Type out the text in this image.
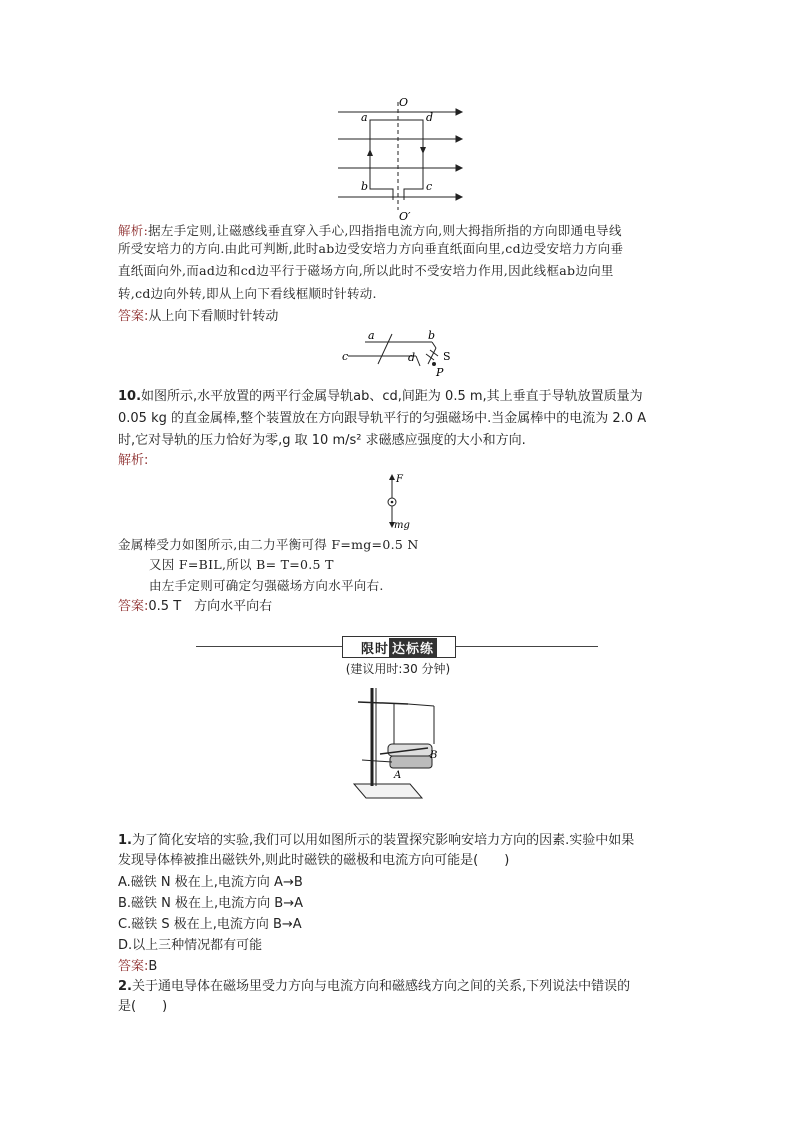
O
O′
a	d
b	c
解析:据左手定则,让磁感线垂直穿入手心,四指指电流方向,则大拇指所指的方向即通电导线
所受安培力的方向.由此可判断,此时ab边受安培力方向垂直纸面向里,cd边受安培力方向垂
直纸面向外,而ad边和cd边平行于磁场方向,所以此时不受安培力作用,因此线框ab边向里
转,cd边向外转,即从上向下看线框顺时针转动.
答案:从上向下看顺时针转动
a	b
c	d	S
P
10.如图所示,水平放置的两平行金属导轨ab、cd,间距为 0.5 m,其上垂直于导轨放置质量为
0.05 kg 的直金属棒,整个装置放在方向跟导轨平行的匀强磁场中.当金属棒中的电流为 2.0 A
时,它对导轨的压力恰好为零,g 取 10 m/s² 求磁感应强度的大小和方向.
解析:
F
mg
金属棒受力如图所示,由二力平衡可得 F=mg=0.5 N
又因 F=BIL,所以 B= T=0.5 T
由左手定则可确定匀强磁场方向水平向右.
答案:0.5 T　方向水平向右
限时 达标练
(建议用时:30 分钟)
B
A
1.为了简化安培的实验,我们可以用如图所示的装置探究影响安培力方向的因素.实验中如果
发现导体棒被推出磁铁外,则此时磁铁的磁极和电流方向可能是(　　)
A.磁铁 N 极在上,电流方向 A→B
B.磁铁 N 极在上,电流方向 B→A
C.磁铁 S 极在上,电流方向 B→A
D.以上三种情况都有可能
答案:B
2.关于通电导体在磁场里受力方向与电流方向和磁感线方向之间的关系,下列说法中错误的
是(　　)
